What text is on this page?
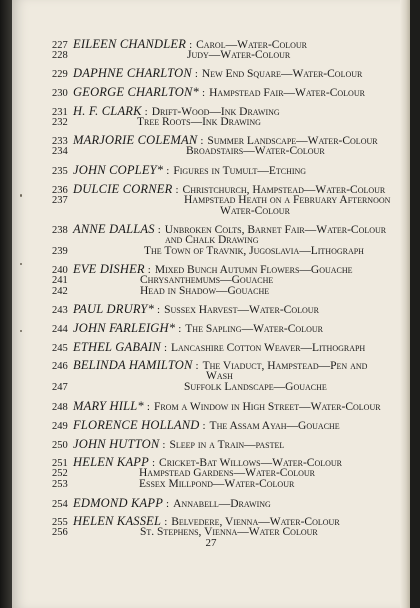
227 EILEEN CHANDLER : Carol—Water-Colour
228	Judy—Water-Colour
229 DAPHNE CHARLTON : New End Square—Water-Colour
230 GEORGE CHARLTON* : Hampstead Fair—Water-Colour
231 H. F. CLARK : Drift-Wood—Ink Drawing
232	Tree Roots—Ink Drawing
233 MARJORIE COLEMAN : Summer Landscape—Water-Colour
234	Broadstairs—Water-Colour
235 JOHN COPLEY* : Figures in Tumult—Etching
236 DULCIE CORNER : Christchurch, Hampstead—Water-Colour
237	Hampstead Heath on a February Afternoon
Water-Colour
238 ANNE DALLAS : Unbroken Colts, Barnet Fair—Water-Colour
and Chalk Drawing
239	The Town of Travnik, Jugoslavia—Lithograph
240 EVE DISHER : Mixed Bunch Autumn Flowers—Gouache
241	Chrysanthemums—Gouache
242	Head in Shadow—Gouache
243 PAUL DRURY* : Sussex Harvest—Water-Colour
244 JOHN FARLEIGH* : The Sapling—Water-Colour
245 ETHEL GABAIN : Lancashire Cotton Weaver—Lithograph
246 BELINDA HAMILTON : The Viaduct, Hampstead—Pen and
Wash
247	Suffolk Landscape—Gouache
248 MARY HILL* : From a Window in High Street—Water-Colour
249 FLORENCE HOLLAND : The Assam Ayah—Gouache
250 JOHN HUTTON : Sleep in a Train—pastel
251 HELEN KAPP : Cricket-Bat Willows—Water-Colour
252	Hampstead Gardens—Water-Colour
253	Essex Millpond—Water-Colour
254 EDMOND KAPP : Annabell—Drawing
255 HELEN KASSEL : Belvedere, Vienna—Water-Colour
256	St. Stephens, Vienna—Water Colour
27
